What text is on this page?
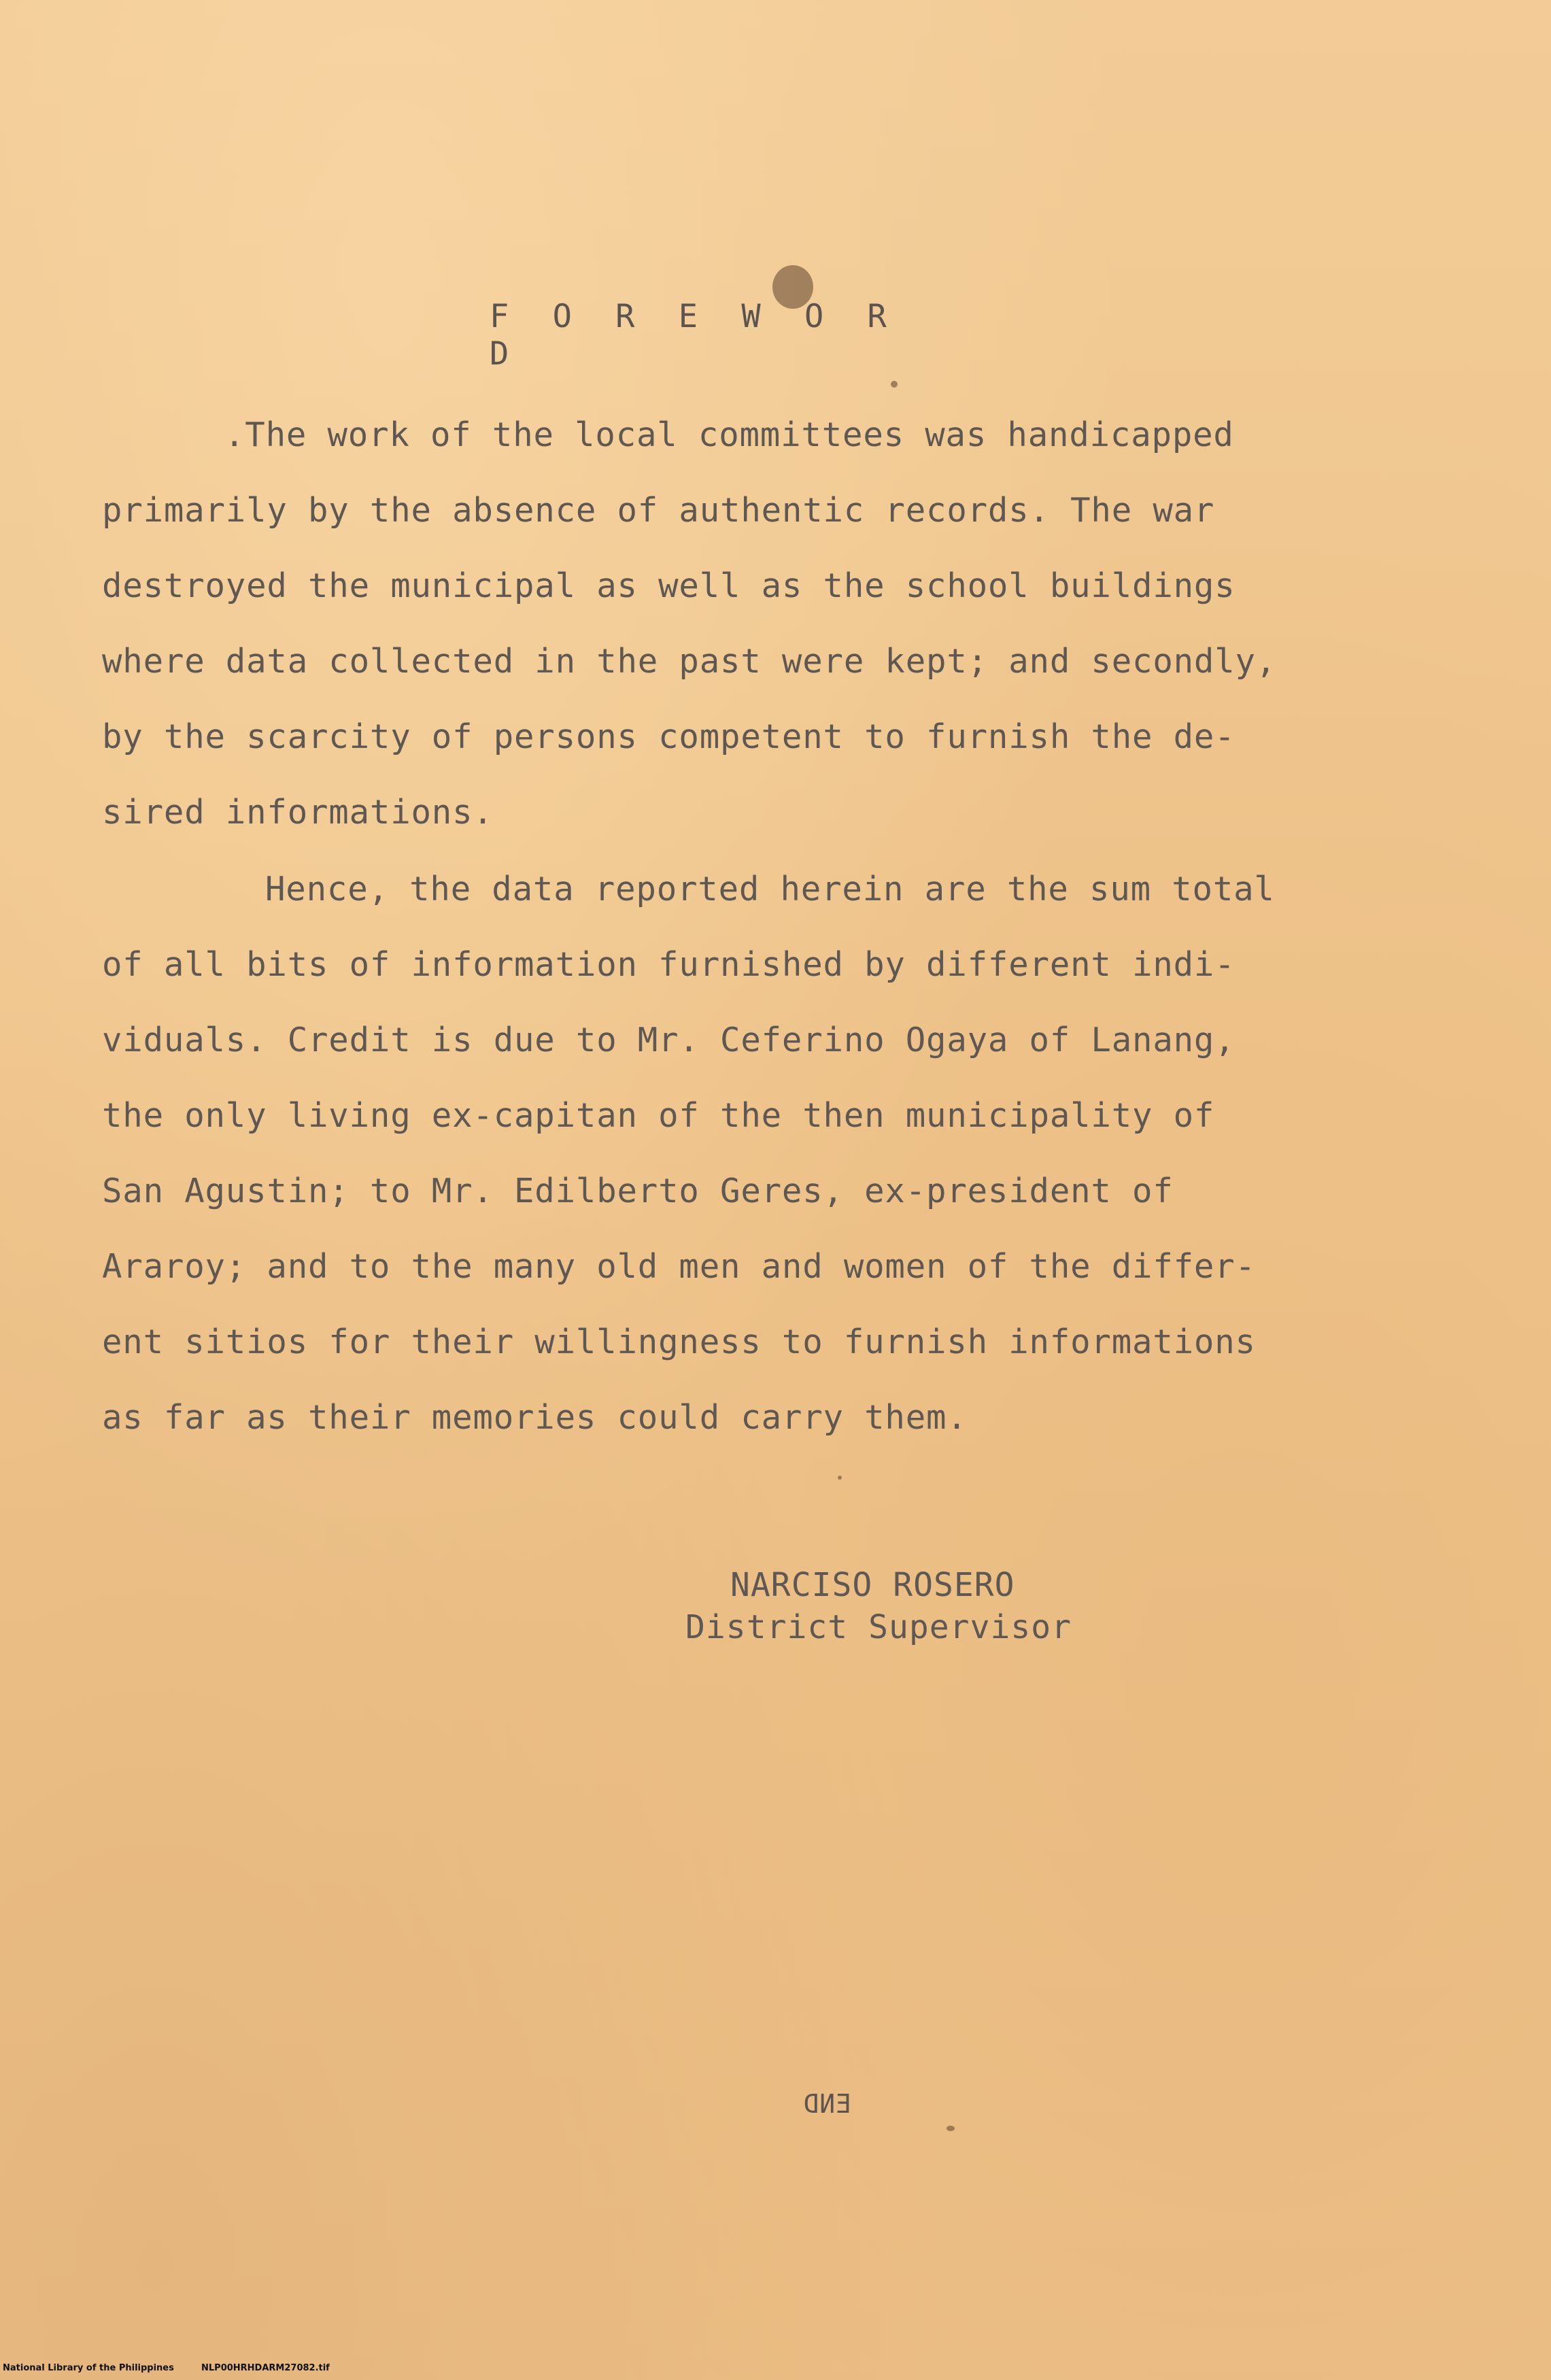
F O R E W O R D

.The work of the local committees was handicapped
primarily by the absence of authentic records. The war
destroyed the municipal as well as the school buildings
where data collected in the past were kept; and secondly,
by the scarcity of persons competent to furnish the de-
sired informations.

Hence, the data reported herein are the sum total
of all bits of information furnished by different indi-
viduals. Credit is due to Mr. Ceferino Ogaya of Lanang,
the only living ex-capitan of the then municipality of
San Agustin; to Mr. Edilberto Geres, ex-president of
Araroy; and to the many old men and women of the differ-
ent sitios for their willingness to furnish informations
as far as their memories could carry them.

NARCISO ROSERO
District Supervisor
END
National Library of the Philippines	NLP00HRHDARM27082.tif
